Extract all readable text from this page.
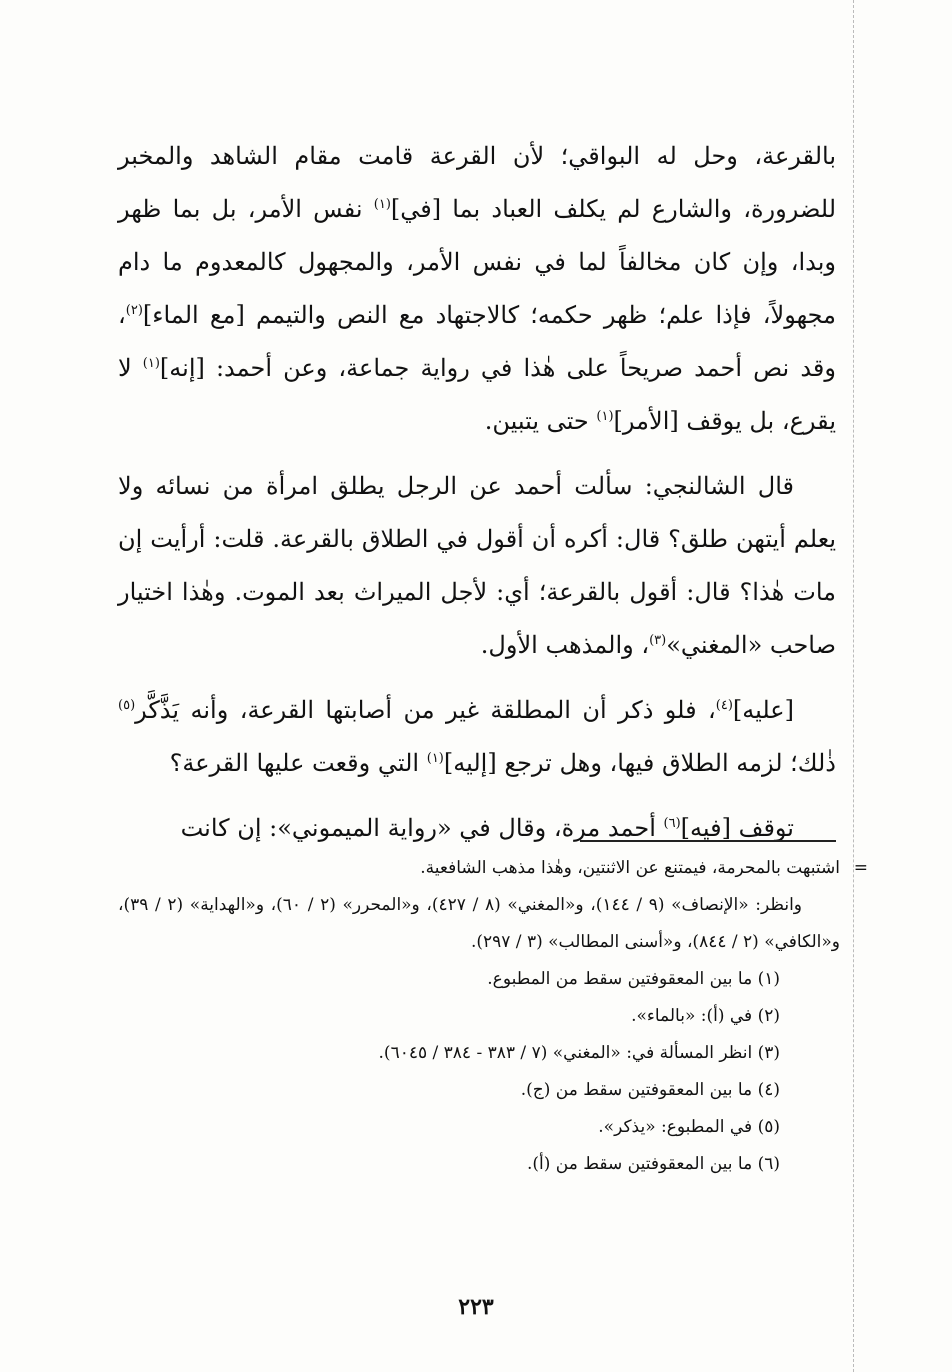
بالقرعة، وحل له البواقي؛ لأن القرعة قامت مقام الشاهد والمخبر للضرورة، والشارع لم يكلف العباد بما [في]$^{(١)}$ نفس الأمر، بل بما ظهر وبدا، وإن كان مخالفاً لما في نفس الأمر، والمجهول كالمعدوم ما دام مجهولاً، فإذا علم؛ ظهر حكمه؛ كالاجتهاد مع النص والتيمم [مع الماء]$^{(٢)}$، وقد نص أحمد صريحاً على هٰذا في رواية جماعة، وعن أحمد: [إنه]$^{(١)}$ لا يقرع، بل يوقف [الأمر]$^{(١)}$ حتى يتبين.

قال الشالنجي: سألت أحمد عن الرجل يطلق امرأة من نسائه ولا يعلم أيتهن طلق؟ قال: أكره أن أقول في الطلاق بالقرعة. قلت: أرأيت إن مات هٰذا؟ قال: أقول بالقرعة؛ أي: لأجل الميراث بعد الموت. وهٰذا اختيار صاحب «المغني»$^{(٣)}$، والمذهب الأول.

[عليه]$^{(٤)}$، فلو ذكر أن المطلقة غير من أصابتها القرعة، وأنه يَذَّكَّر$^{(٥)}$ ذٰلك؛ لزمه الطلاق فيها، وهل ترجع [إليه]$^{(١)}$ التي وقعت عليها القرعة؟

توقف [فيه]$^{(٦)}$ أحمد مرة، وقال في «رواية الميموني»: إن كانت

=
اشتبهت بالمحرمة، فيمتنع عن الاثنتين، وهٰذا مذهب الشافعية.

وانظر: «الإنصاف» (٩ / ١٤٤)، و«المغني» (٨ / ٤٢٧)، و«المحرر» (٢ / ٦٠)، و«الهداية» (٢ / ٣٩)، و«الكافي» (٢ / ٨٤٤)، و«أسنى المطالب» (٣ / ٢٩٧).

(١) ما بين المعقوفتين سقط من المطبوع.

(٢) في (أ): «بالماء».

(٣) انظر المسألة في: «المغني» (٧ / ٣٨٣ - ٣٨٤ / ٦٠٤٥).

(٤) ما بين المعقوفتين سقط من (ج).

(٥) في المطبوع: «يذكر».

(٦) ما بين المعقوفتين سقط من (أ).

٢٢٣
